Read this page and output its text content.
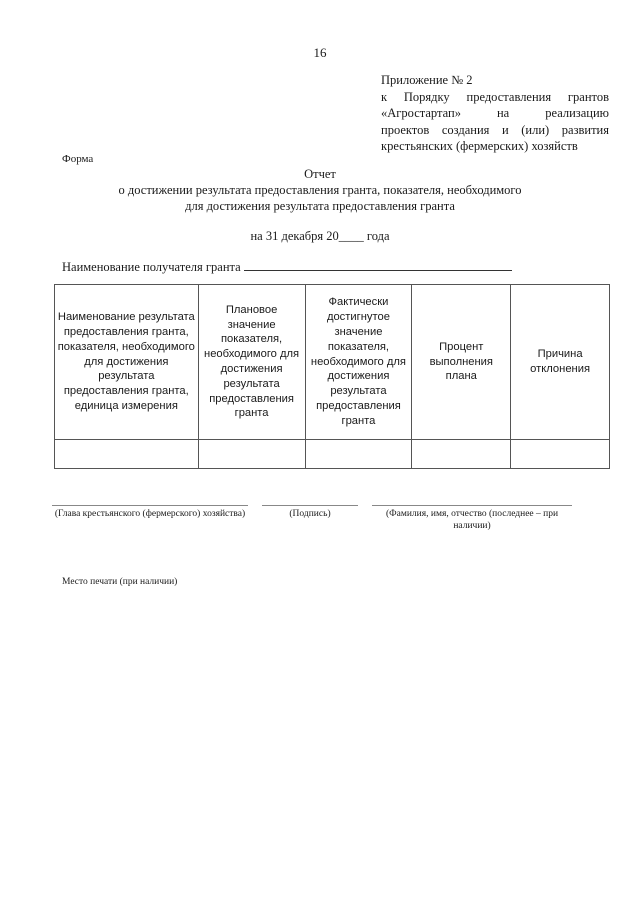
16
Приложение № 2
к Порядку предоставления грантов
«Агростартап» на реализацию
проектов создания и (или) развития
крестьянских (фермерских) хозяйств
Форма
Отчет
о достижении результата предоставления гранта, показателя, необходимого
для достижения результата предоставления гранта
на 31 декабря 20____ года
Наименование получателя гранта
Наименование результата предоставления гранта, показателя, необходимого для достижения результата предоставления гранта, единица измерения	Плановое значение показателя, необходимого для достижения результата предоставления гранта	Фактически достигнутое значение показателя, необходимого для достижения результата предоставления гранта	Процент выполнения плана	Причина отклонения

(Глава крестьянского (фермерского) хозяйства)	(Подпись)	(Фамилия, имя, отчество (последнее – при наличии)
Место печати (при наличии)
